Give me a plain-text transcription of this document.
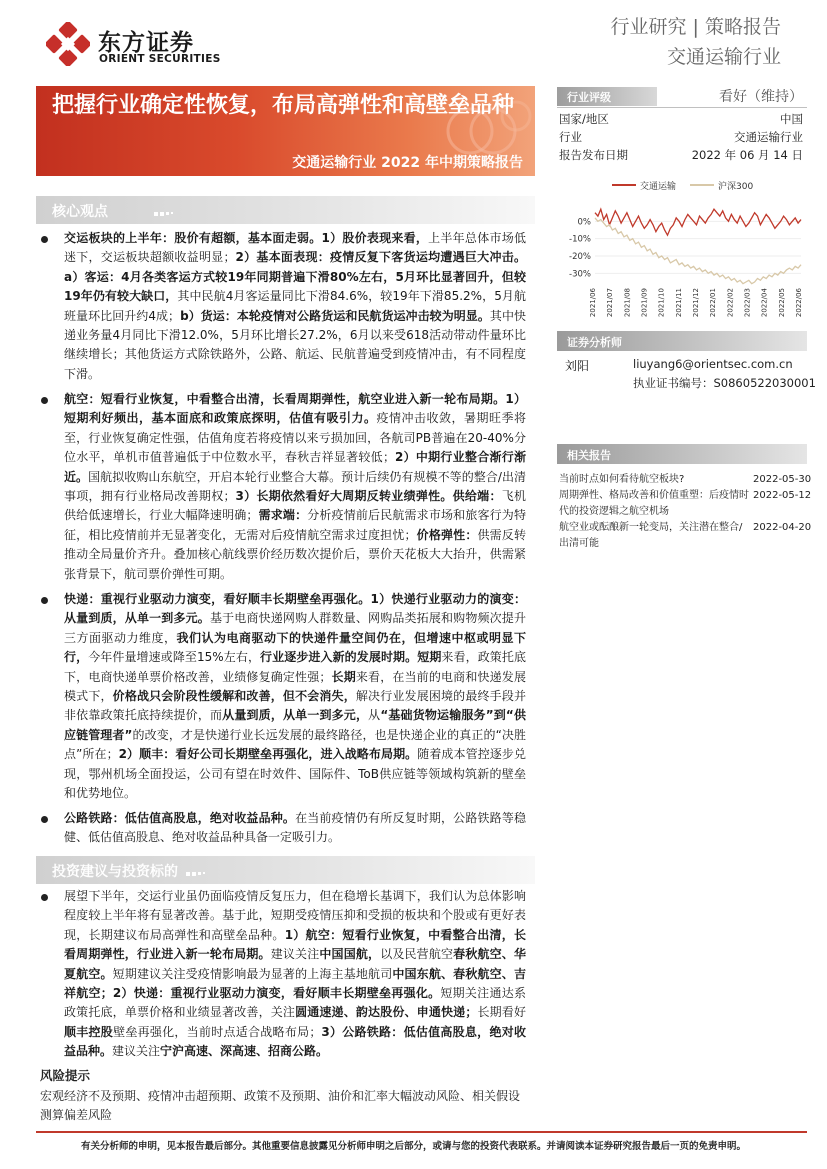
东方证券
ORIENT SECURITIES
行业研究 | 策略报告
交通运输行业
把握行业确定性恢复，布局高弹性和高壁垒品种
交通运输行业 2022 年中期策略报告
行业评级	看好（维持）
国家/地区	中国
行业	交通运输行业
报告发布日期	2022 年 06 月 14 日
交通运输	沪深300
0%
-10%
-20%
-30%
2021/06 2021/07 2021/08 2021/09 2021/10 2021/11 2021/12 2022/01 2022/02 2022/03 2022/04 2022/05 2022/06
证券分析师
刘阳	liuyang6@orientsec.com.cn
执业证书编号：S0860522030001
相关报告
当前时点如何看待航空板块?	2022-05-30
周期弹性、格局改善和价值重塑：后疫情时代的投资逻辑之航空机场
2022-05-12
航空业或酝酿新一轮变局，关注潜在整合/出清可能
2022-04-20
核心观点
交运板块的上半年：股价有超额，基本面走弱。1）股价表现来看，上半年总体市场低迷下，交运板块超额收益明显；2）基本面表现：疫情反复下客货运均遭遇巨大冲击。a）客运：4月各类客运方式较19年同期普遍下滑80%左右，5月环比显著回升，但较19年仍有较大缺口，其中民航4月客运量同比下滑84.6%，较19年下滑85.2%，5月航班量环比回升约4成；b）货运：本轮疫情对公路货运和民航货运冲击较为明显。其中快递业务量4月同比下滑12.0%，5月环比增长27.2%，6月以来受618活动带动件量环比继续增长；其他货运方式除铁路外，公路、航运、民航普遍受到疫情冲击，有不同程度下滑。
航空：短看行业恢复，中看整合出清，长看周期弹性，航空业进入新一轮布局期。1）短期利好频出，基本面底和政策底探明，估值有吸引力。疫情冲击收敛，暑期旺季将至，行业恢复确定性强，估值角度若将疫情以来亏损加回，各航司PB普遍在20-40%分位水平，单机市值普遍低于中位数水平，春秋吉祥显著较低；2）中期行业整合渐行渐近。国航拟收购山东航空，开启本轮行业整合大幕。预计后续仍有规模不等的整合/出清事项，拥有行业格局改善期权；3）长期依然看好大周期反转业绩弹性。供给端：飞机供给低速增长，行业大幅降速明确；需求端：分析疫情前后民航需求市场和旅客行为特征，相比疫情前并无显著变化，无需对后疫情航空需求过度担忧；价格弹性：供需反转推动全局量价齐升。叠加核心航线票价经历数次提价后，票价天花板大大抬升，供需紧张背景下，航司票价弹性可期。
快递：重视行业驱动力演变，看好顺丰长期壁垒再强化。1）快递行业驱动力的演变：从量到质，从单一到多元。基于电商快递网购人群数量、网购品类拓展和购物频次提升三方面驱动力维度，我们认为电商驱动下的快递件量空间仍在，但增速中枢或明显下行，今年件量增速或降至15%左右，行业逐步进入新的发展时期。短期来看，政策托底下，电商快递单票价格改善，业绩修复确定性强；长期来看，在当前的电商和快递发展模式下，价格战只会阶段性缓解和改善，但不会消失，解决行业发展困境的最终手段并非依靠政策托底持续提价，而从量到质，从单一到多元，从“基础货物运输服务”到“供应链管理者”的改变，才是快递行业长远发展的最终路径，也是快递企业的真正的“决胜点”所在；2）顺丰：看好公司长期壁垒再强化，进入战略布局期。随着成本管控逐步兑现，鄂州机场全面投运，公司有望在时效件、国际件、ToB供应链等领域构筑新的壁垒和优势地位。
公路铁路：低估值高股息，绝对收益品种。在当前疫情仍有所反复时期，公路铁路等稳健、低估值高股息、绝对收益品种具备一定吸引力。
投资建议与投资标的
展望下半年，交运行业虽仍面临疫情反复压力，但在稳增长基调下，我们认为总体影响程度较上半年将有显著改善。基于此，短期受疫情压抑和受损的板块和个股或有更好表现，长期建议布局高弹性和高壁垒品种。1）航空：短看行业恢复，中看整合出清，长看周期弹性，行业进入新一轮布局期。建议关注中国国航，以及民营航空春秋航空、华夏航空。短期建议关注受疫情影响最为显著的上海主基地航司中国东航、春秋航空、吉祥航空；2）快递：重视行业驱动力演变，看好顺丰长期壁垒再强化。短期关注通达系政策托底，单票价格和业绩显著改善，关注圆通速递、韵达股份、申通快递；长期看好顺丰控股壁垒再强化，当前时点适合战略布局；3）公路铁路：低估值高股息，绝对收益品种。建议关注宁沪高速、深高速、招商公路。
风险提示
宏观经济不及预期、疫情冲击超预期、政策不及预期、油价和汇率大幅波动风险、相关假设测算偏差风险
有关分析师的申明，见本报告最后部分。其他重要信息披露见分析师申明之后部分，或请与您的投资代表联系。并请阅读本证券研究报告最后一页的免责申明。
